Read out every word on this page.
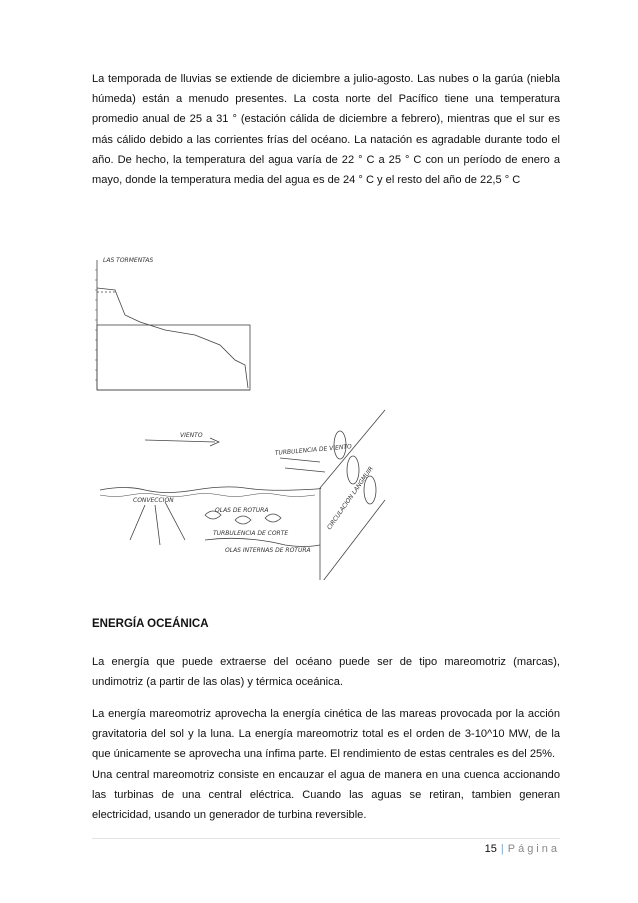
La temporada de lluvias se extiende de diciembre a julio-agosto. Las nubes o la garúa (niebla húmeda) están a menudo presentes. La costa norte del Pacífico tiene una temperatura promedio anual de 25 a 31 ° (estación cálida de diciembre a febrero), mientras que el sur es más cálido debido a las corrientes frías del océano. La natación es agradable durante todo el año. De hecho, la temperatura del agua varía de 22 ° C a 25 ° C con un período de enero a mayo, donde la temperatura media del agua es de 24 ° C y el resto del año de 22,5 ° C

LAS TORMENTAS
VIENTO
TURBULENCIA DE VIENTO
OLAS DE ROTURA
CONVECCION
TURBULENCIA DE CORTE
OLAS INTERNAS DE ROTURA
CIRCULACION LANGMUIR
ENERGÍA OCEÁNICA

La energía que puede extraerse del océano puede ser de tipo mareomotriz (marcas), undimotriz (a partir de las olas) y térmica oceánica.

La energía mareomotriz aprovecha la energía cinética de las mareas provocada por la acción gravitatoria del sol y la luna. La energía mareomotriz total es el orden de 3-10^10 MW, de la que únicamente se aprovecha una ínfima parte. El rendimiento de estas centrales es del 25%.

Una central mareomotriz consiste en encauzar el agua de manera en una cuenca accionando las turbinas de una central eléctrica. Cuando las aguas se retiran, tambien generan electricidad, usando un generador de turbina reversible.

15 | Página
